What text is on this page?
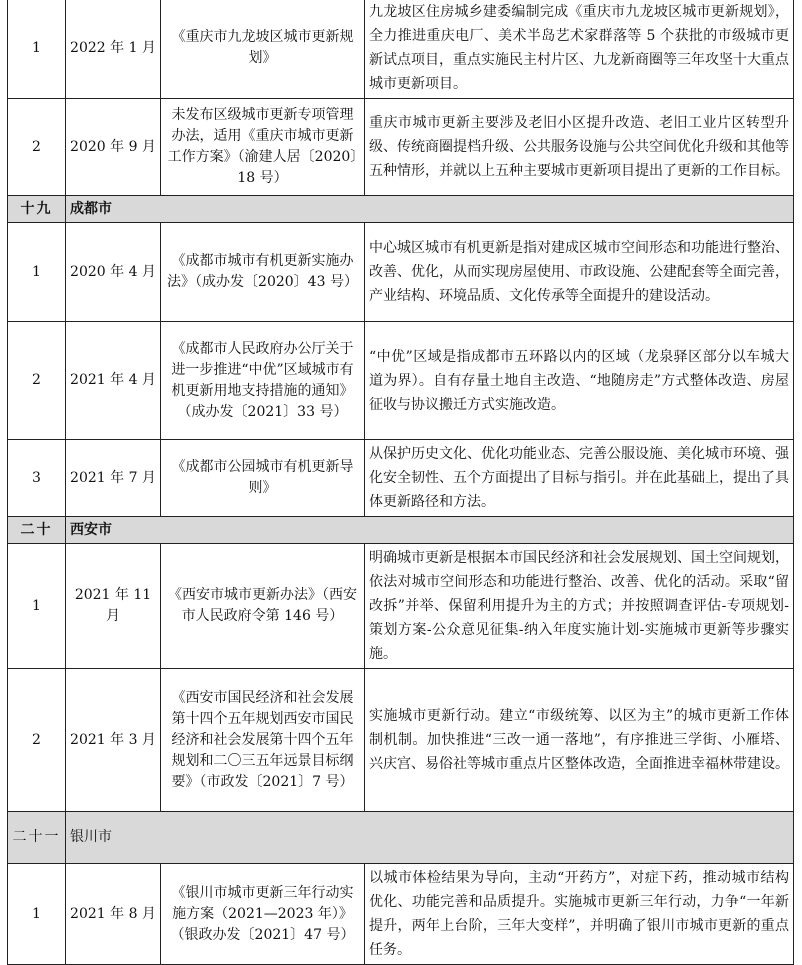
1	2022 年 1 月	《重庆市九龙坡区城市更新规划》	九龙坡区住房城乡建委编制完成《重庆市九龙坡区城市更新规划》，全力推进重庆电厂、美术半岛艺术家群落等 5 个获批的市级城市更新试点项目，重点实施民主村片区、九龙新商圈等三年攻坚十大重点城市更新项目。
2	2020 年 9 月	未发布区级城市更新专项管理办法，适用《重庆市城市更新工作方案》（渝建人居〔2020〕18 号）	重庆市城市更新主要涉及老旧小区提升改造、老旧工业片区转型升级、传统商圈提档升级、公共服务设施与公共空间优化升级和其他等五种情形，并就以上五种主要城市更新项目提出了更新的工作目标。
十九	成都市		
1	2020 年 4 月	《成都市城市有机更新实施办法》（成办发〔2020〕43 号）	中心城区城市有机更新是指对建成区城市空间形态和功能进行整治、改善、优化，从而实现房屋使用、市政设施、公建配套等全面完善，产业结构、环境品质、文化传承等全面提升的建设活动。
2	2021 年 4 月	《成都市人民政府办公厅关于进一步推进“中优”区域城市有机更新用地支持措施的通知》（成办发〔2021〕33 号）	“中优”区域是指成都市五环路以内的区域（龙泉驿区部分以车城大道为界）。自有存量土地自主改造、“地随房走”方式整体改造、房屋征收与协议搬迁方式实施改造。
3	2021 年 7 月	《成都市公园城市有机更新导则》	从保护历史文化、优化功能业态、完善公服设施、美化城市环境、强化安全韧性、五个方面提出了目标与指引。并在此基础上，提出了具体更新路径和方法。
二十	西安市		
1	2021 年 11 月	《西安市城市更新办法》（西安市人民政府令第 146 号）	明确城市更新是根据本市国民经济和社会发展规划、国土空间规划，依法对城市空间形态和功能进行整治、改善、优化的活动。采取“留改拆”并举、保留利用提升为主的方式；并按照调查评估-专项规划-策划方案-公众意见征集-纳入年度实施计划-实施城市更新等步骤实施。
2	2021 年 3 月	《西安市国民经济和社会发展第十四个五年规划西安市国民经济和社会发展第十四个五年规划和二〇三五年远景目标纲要》（市政发〔2021〕7 号）	实施城市更新行动。建立“市级统筹、以区为主”的城市更新工作体制机制。加快推进“三改一通一落地”，有序推进三学街、小雁塔、兴庆宫、易俗社等城市重点片区整体改造，全面推进幸福林带建设。
二十一	银川市		
1	2021 年 8 月	《银川市城市更新三年行动实施方案（2021—2023 年）》（银政办发〔2021〕47 号）	以城市体检结果为导向，主动“开药方”，对症下药，推动城市结构优化、功能完善和品质提升。实施城市更新三年行动，力争“一年新提升，两年上台阶，三年大变样”，并明确了银川市城市更新的重点任务。
